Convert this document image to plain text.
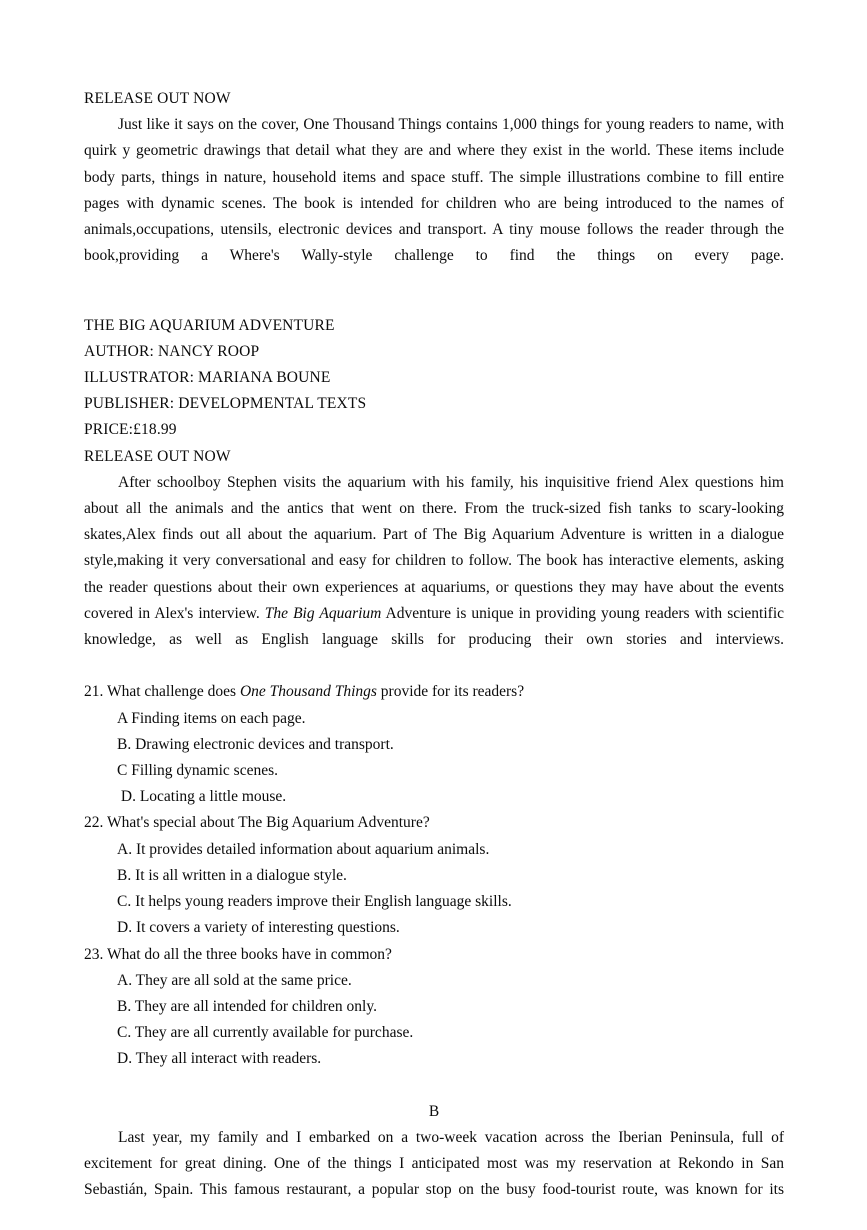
RELEASE OUT NOW

Just like it says on the cover, One Thousand Things contains 1,000 things for young readers to name, with quirk y geometric drawings that detail what they are and where they exist in the world. These items include body parts, things in nature, household items and space stuff. The simple illustrations combine to fill entire pages with dynamic scenes. The book is intended for children who are being introduced to the names of animals,occupations, utensils, electronic devices and transport. A tiny mouse follows the reader through the book,providing a Where's Wally-style challenge to find the things on every page.

THE BIG AQUARIUM ADVENTURE
AUTHOR: NANCY ROOP
ILLUSTRATOR: MARIANA BOUNE
PUBLISHER: DEVELOPMENTAL TEXTS
PRICE:£18.99
RELEASE OUT NOW

After schoolboy Stephen visits the aquarium with his family, his inquisitive friend Alex questions him about all the animals and the antics that went on there. From the truck-sized fish tanks to scary-looking skates,Alex finds out all about the aquarium. Part of The Big Aquarium Adventure is written in a dialogue style,making it very conversational and easy for children to follow. The book has interactive elements, asking the reader questions about their own experiences at aquariums, or questions they may have about the events covered in Alex's interview. The Big Aquarium Adventure is unique in providing young readers with scientific knowledge, as well as English language skills for producing their own stories and interviews.

21. What challenge does One Thousand Things provide for its readers?

A Finding items on each page.

B. Drawing electronic devices and transport.

C Filling dynamic scenes.

D. Locating a little mouse.

22. What's special about The Big Aquarium Adventure?

A. It provides detailed information about aquarium animals.

B. It is all written in a dialogue style.

C. It helps young readers improve their English language skills.

D. It covers a variety of interesting questions.

23. What do all the three books have in common?

A. They are all sold at the same price.

B. They are all intended for children only.

C. They are all currently available for purchase.

D. They all interact with readers.

B

Last year, my family and I embarked on a two-week vacation across the Iberian Peninsula, full of excitement for great dining. One of the things I anticipated most was my reservation at Rekondo in San Sebastián, Spain. This famous restaurant, a popular stop on the busy food-tourist route, was known for its
